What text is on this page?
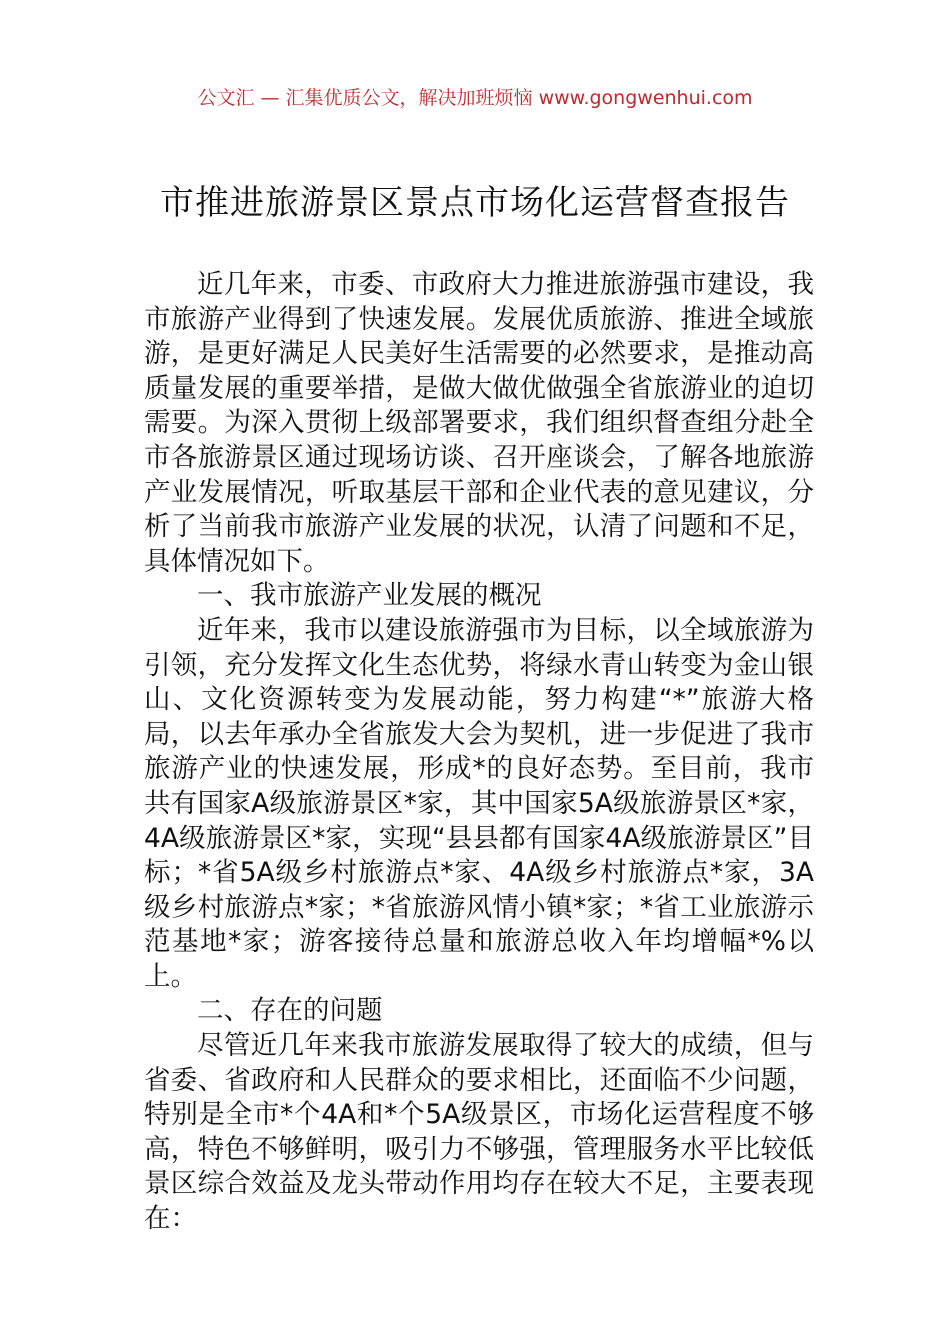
公文汇 — 汇集优质公文，解决加班烦恼 www.gongwenhui.com
市推进旅游景区景点市场化运营督查报告

近几年来，市委、市政府大力推进旅游强市建设，我市旅游产业得到了快速发展。发展优质旅游、推进全域旅游，是更好满足人民美好生活需要的必然要求，是推动高质量发展的重要举措，是做大做优做强全省旅游业的迫切需要。为深入贯彻上级部署要求，我们组织督查组分赴全市各旅游景区通过现场访谈、召开座谈会，了解各地旅游产业发展情况，听取基层干部和企业代表的意见建议，分析了当前我市旅游产业发展的状况，认清了问题和不足，具体情况如下。

一、我市旅游产业发展的概况

近年来，我市以建设旅游强市为目标，以全域旅游为引领，充分发挥文化生态优势，将绿水青山转变为金山银山、文化资源转变为发展动能，努力构建“*”旅游大格局，以去年承办全省旅发大会为契机，进一步促进了我市旅游产业的快速发展，形成*的良好态势。至目前，我市共有国家A级旅游景区*家，其中国家5A级旅游景区*家，4A级旅游景区*家，实现“县县都有国家4A级旅游景区”目标；*省5A级乡村旅游点*家、4A级乡村旅游点*家，3A级乡村旅游点*家；*省旅游风情小镇*家；*省工业旅游示范基地*家；游客接待总量和旅游总收入年均增幅*%以上。

二、存在的问题

尽管近几年来我市旅游发展取得了较大的成绩，但与省委、省政府和人民群众的要求相比，还面临不少问题，特别是全市*个4A和*个5A级景区，市场化运营程度不够高，特色不够鲜明，吸引力不够强，管理服务水平比较低景区综合效益及龙头带动作用均存在较大不足，主要表现在：
